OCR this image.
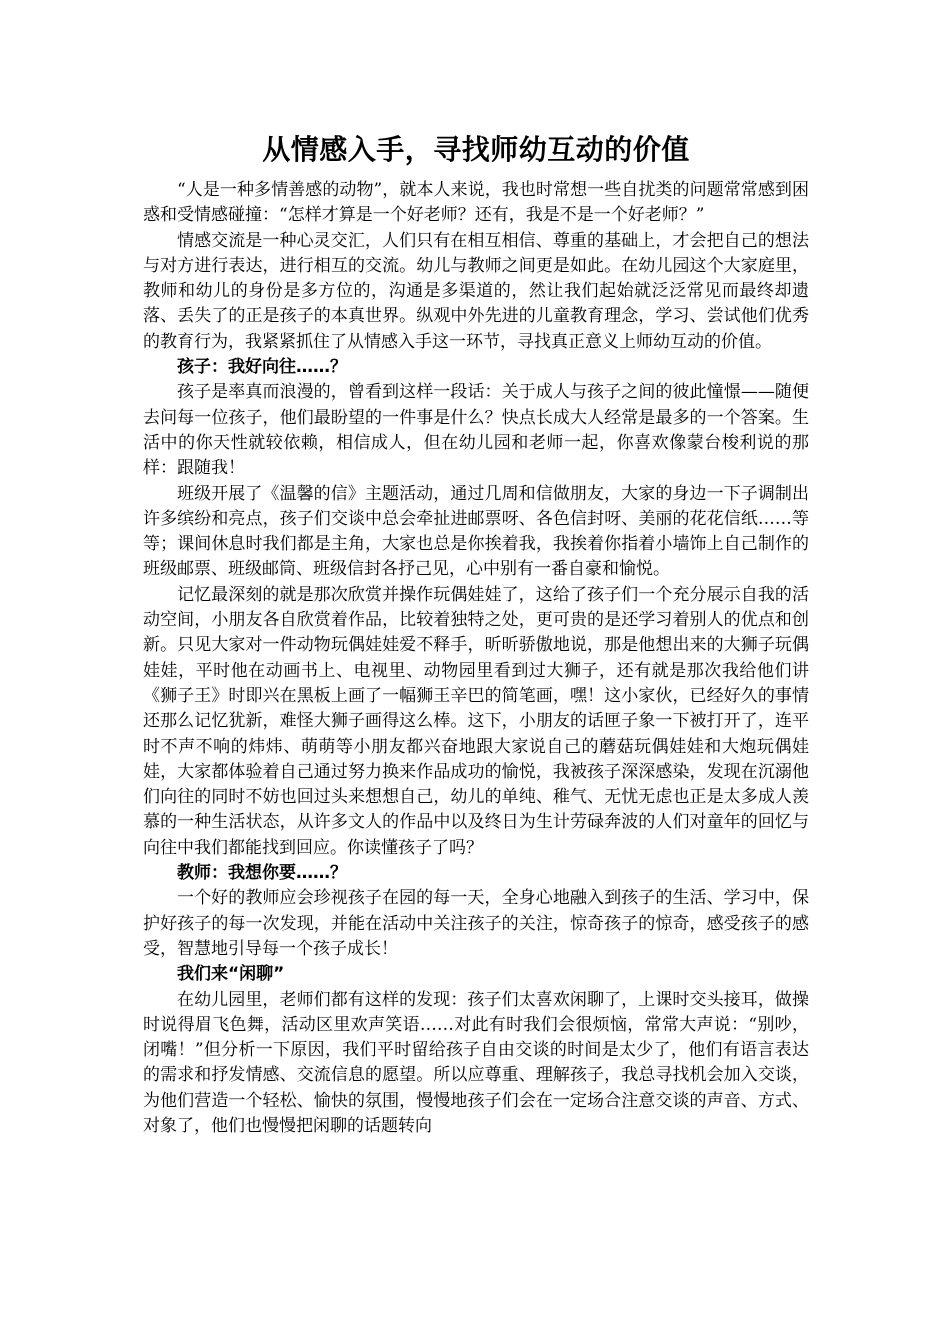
从情感入手，寻找师幼互动的价值

“人是一种多情善感的动物”，就本人来说，我也时常想一些自扰类的问题常常感到困惑和受情感碰撞：“怎样才算是一个好老师？还有，我是不是一个好老师？”

情感交流是一种心灵交汇，人们只有在相互相信、尊重的基础上，才会把自己的想法与对方进行表达，进行相互的交流。幼儿与教师之间更是如此。在幼儿园这个大家庭里，教师和幼儿的身份是多方位的，沟通是多渠道的，然让我们起始就泛泛常见而最终却遗落、丢失了的正是孩子的本真世界。纵观中外先进的儿童教育理念，学习、尝试他们优秀的教育行为，我紧紧抓住了从情感入手这一环节，寻找真正意义上师幼互动的价值。

孩子：我好向往……？

孩子是率真而浪漫的，曾看到这样一段话：关于成人与孩子之间的彼此憧憬——随便去问每一位孩子，他们最盼望的一件事是什么？快点长成大人经常是最多的一个答案。生活中的你天性就较依赖，相信成人，但在幼儿园和老师一起，你喜欢像蒙台梭利说的那样：跟随我！

班级开展了《温馨的信》主题活动，通过几周和信做朋友，大家的身边一下子调制出许多缤纷和亮点，孩子们交谈中总会牵扯进邮票呀、各色信封呀、美丽的花花信纸……等等；课间休息时我们都是主角，大家也总是你挨着我，我挨着你指着小墙饰上自己制作的班级邮票、班级邮筒、班级信封各抒己见，心中别有一番自豪和愉悦。

记忆最深刻的就是那次欣赏并操作玩偶娃娃了，这给了孩子们一个充分展示自我的活动空间，小朋友各自欣赏着作品，比较着独特之处，更可贵的是还学习着别人的优点和创新。只见大家对一件动物玩偶娃娃爱不释手，昕昕骄傲地说，那是他想出来的大狮子玩偶娃娃，平时他在动画书上、电视里、动物园里看到过大狮子，还有就是那次我给他们讲《狮子王》时即兴在黑板上画了一幅狮王辛巴的简笔画，嘿！这小家伙，已经好久的事情还那么记忆犹新，难怪大狮子画得这么棒。这下，小朋友的话匣子象一下被打开了，连平时不声不响的炜炜、萌萌等小朋友都兴奋地跟大家说自己的蘑菇玩偶娃娃和大炮玩偶娃娃，大家都体验着自己通过努力换来作品成功的愉悦，我被孩子深深感染，发现在沉溺他们向往的同时不妨也回过头来想想自己，幼儿的单纯、稚气、无忧无虑也正是太多成人羡慕的一种生活状态，从许多文人的作品中以及终日为生计劳碌奔波的人们对童年的回忆与向往中我们都能找到回应。你读懂孩子了吗？

教师：我想你要……？

一个好的教师应会珍视孩子在园的每一天，全身心地融入到孩子的生活、学习中，保护好孩子的每一次发现，并能在活动中关注孩子的关注，惊奇孩子的惊奇，感受孩子的感受，智慧地引导每一个孩子成长！

我们来“闲聊”

在幼儿园里，老师们都有这样的发现：孩子们太喜欢闲聊了，上课时交头接耳，做操时说得眉飞色舞，活动区里欢声笑语……对此有时我们会很烦恼，常常大声说：“别吵，闭嘴！”但分析一下原因，我们平时留给孩子自由交谈的时间是太少了，他们有语言表达的需求和抒发情感、交流信息的愿望。所以应尊重、理解孩子，我总寻找机会加入交谈，为他们营造一个轻松、愉快的氛围，慢慢地孩子们会在一定场合注意交谈的声音、方式、对象了，他们也慢慢把闲聊的话题转向
